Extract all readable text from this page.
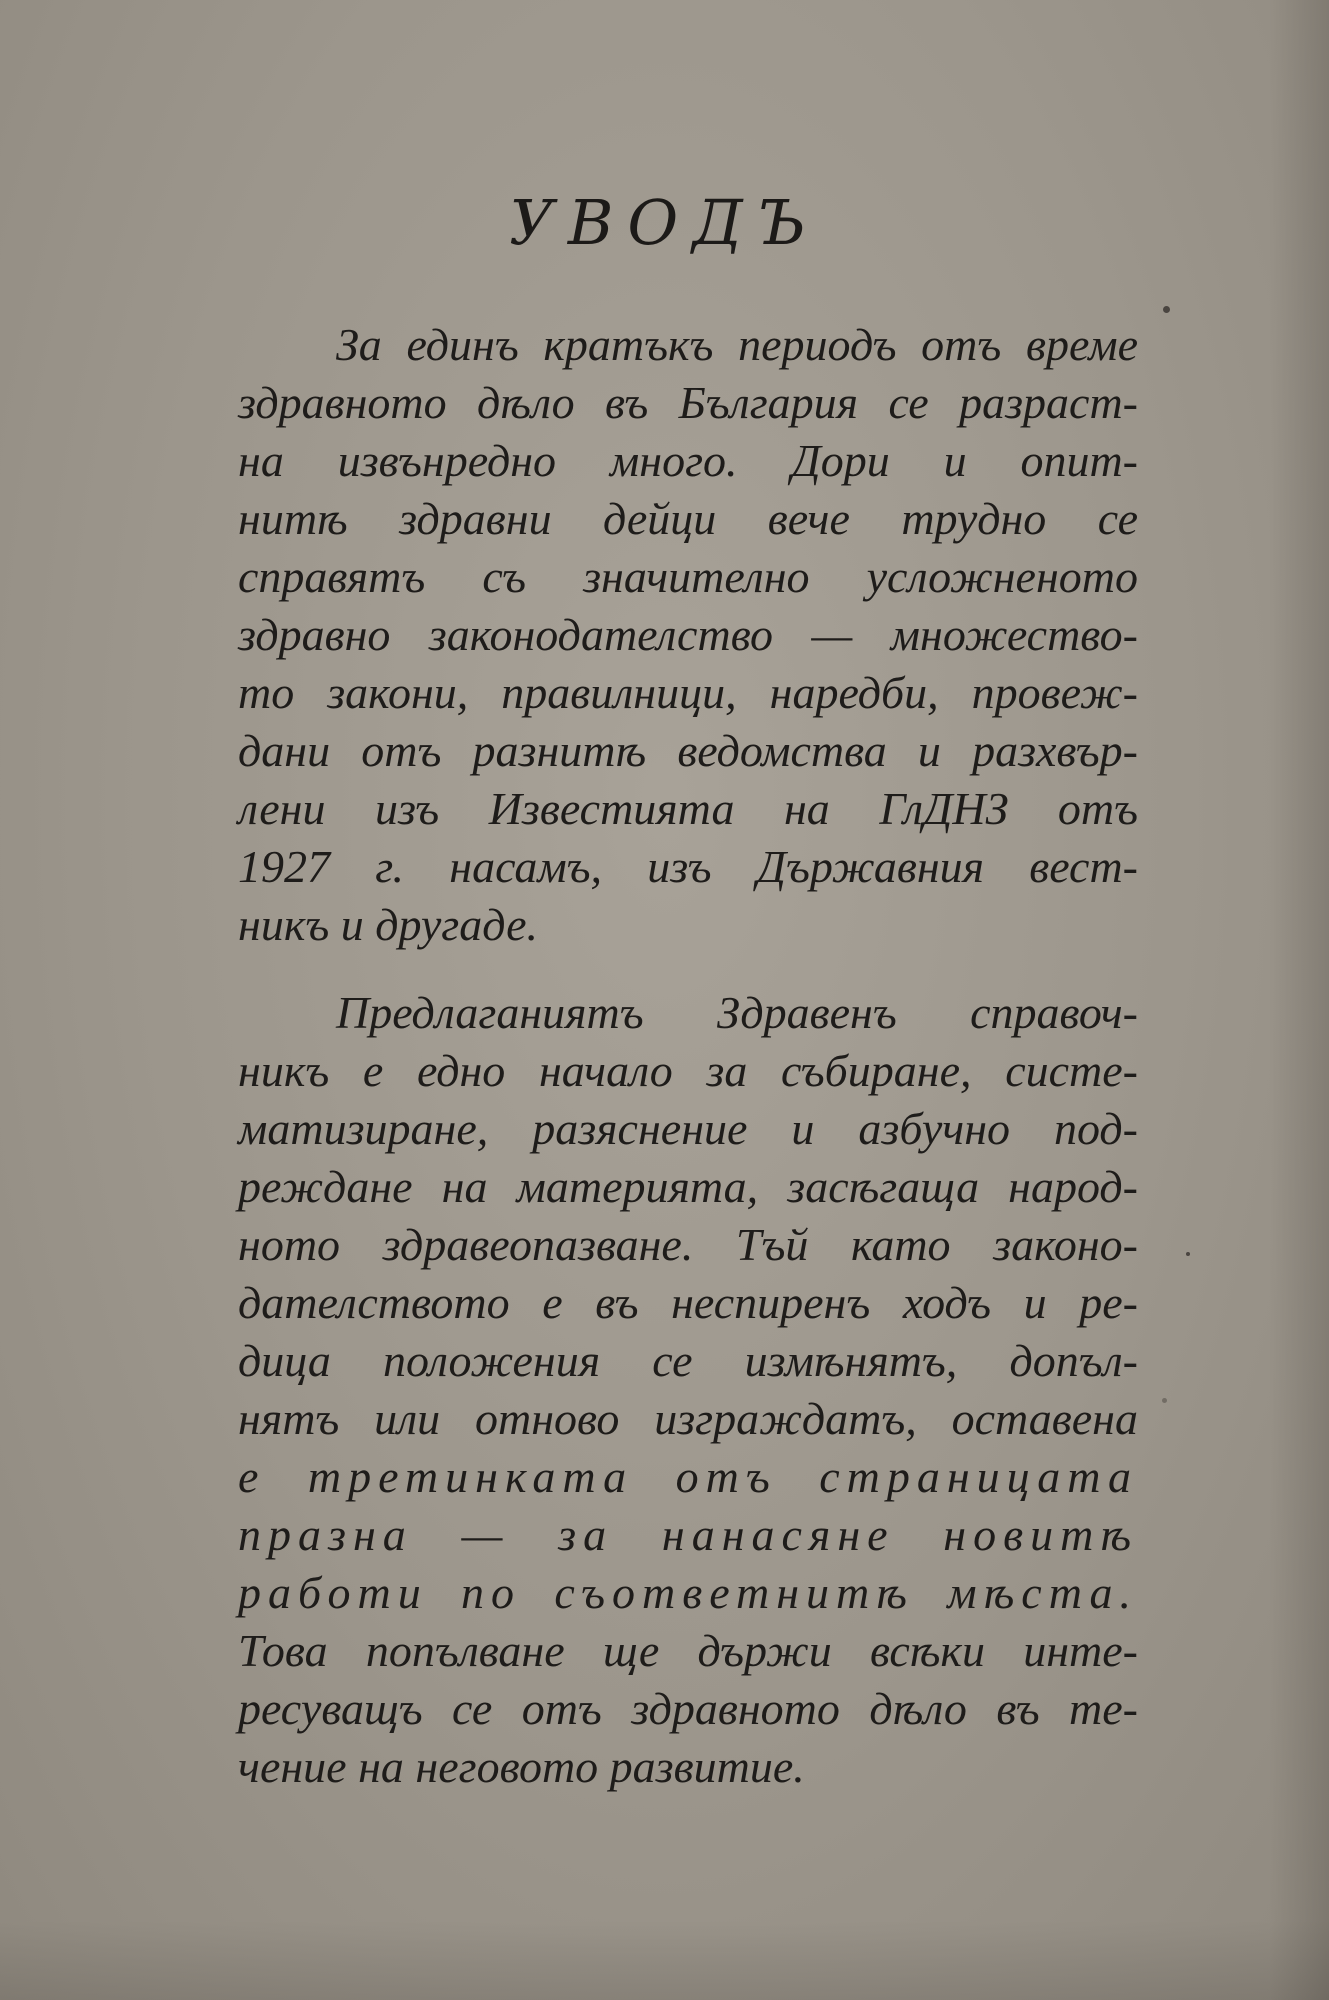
УВОДЪ
За единъ кратъкъ периодъ отъ време
здравното дѣло въ България се разраст-
на извънредно много. Дори и опит-
нитѣ здравни дейци вече трудно се
справятъ съ значително усложненото
здравно законодателство — множество-
то закони, правилници, наредби, провеж-
дани отъ разнитѣ ведомства и разхвър-
лени изъ Известията на ГлДНЗ отъ
1927 г. насамъ, изъ Държавния вест-
никъ и другаде.
Предлаганиятъ Здравенъ справоч-
никъ е едно начало за събиране, систе-
матизиране, разяснение и азбучно под-
реждане на материята, засѣгаща народ-
ното здравеопазване. Тъй като законо-
дателството е въ неспиренъ ходъ и ре-
дица положения се измѣнятъ, допъл-
нятъ или отново изграждатъ, оставена
е третинката отъ страницата
празна — за нанасяне новитѣ
работи по съответнитѣ мѣста.
Това попълване ще държи всѣки инте-
ресуващъ се отъ здравното дѣло въ те-
чение на неговото развитие.
